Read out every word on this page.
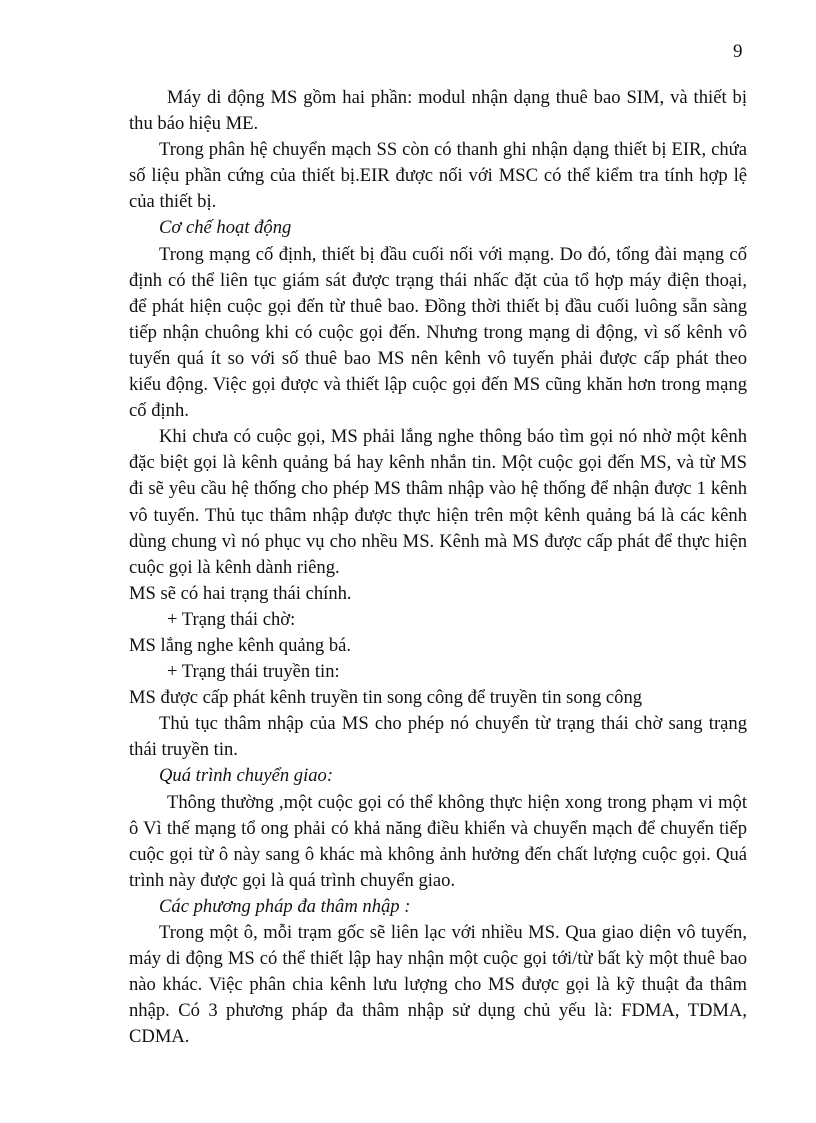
9

Máy di động MS gồm hai phần: modul nhận dạng thuê bao SIM, và thiết bị thu báo hiệu ME.

Trong phân hệ chuyển mạch SS còn có thanh ghi nhận dạng thiết bị EIR, chứa số liệu phần cứng của thiết bị.EIR được nối với MSC có thể kiểm tra tính hợp lệ của thiết bị.

Cơ chế hoạt động

Trong mạng cố định, thiết bị đầu cuối nối với mạng. Do đó, tổng đài mạng cố định có thể liên tục giám sát được trạng thái nhấc đặt của tổ hợp máy điện thoại, để phát hiện cuộc gọi đến từ thuê bao. Đồng thời thiết bị đầu cuối luông sẵn sàng tiếp nhận chuông khi có cuộc gọi đến. Nhưng trong mạng di động, vì số kênh vô tuyến quá ít so với số thuê bao MS nên kênh vô tuyến phải được cấp phát theo kiểu động. Việc gọi được và thiết lập cuộc gọi đến MS cũng khăn hơn trong mạng cố định.

Khi chưa có cuộc gọi, MS phải lắng nghe thông báo tìm gọi nó nhờ một kênh đặc biệt gọi là kênh quảng bá hay kênh nhắn tin. Một cuộc gọi đến MS, và từ MS đi sẽ yêu cầu hệ thống cho phép MS thâm nhập vào hệ thống để nhận được 1 kênh vô tuyến. Thủ tục thâm nhập được thực hiện trên một kênh quảng bá là các kênh dùng chung vì nó phục vụ cho nhều MS. Kênh mà MS được cấp phát để thực hiện cuộc gọi là kênh dành riêng.

MS sẽ có hai trạng thái chính.

+ Trạng thái chờ:

MS lắng nghe kênh quảng bá.

+ Trạng thái truyền tin:

MS được cấp phát kênh truyền tin song công để truyền tin song công

Thủ tục thâm nhập của MS cho phép nó chuyển từ trạng thái chờ sang trạng thái truyền tin.

Quá trình chuyển giao:

Thông thường ,một cuộc gọi có thể không thực hiện xong trong phạm vi một ô Vì thế mạng tổ ong phải có khả năng điều khiển và chuyển mạch để chuyển tiếp cuộc gọi từ ô này sang ô khác mà không ảnh hưởng đến chất lượng cuộc gọi. Quá trình này được gọi là quá trình chuyển giao.

Các phương pháp đa thâm nhập :

Trong một ô, mỗi trạm gốc sẽ liên lạc với nhiều MS. Qua giao diện vô tuyến, máy di động MS có thể thiết lập hay nhận một cuộc gọi tới/từ bất kỳ một thuê bao nào khác. Việc phân chia kênh lưu lượng cho MS được gọi là kỹ thuật đa thâm nhập. Có 3 phương pháp đa thâm nhập sử dụng chủ yếu là: FDMA, TDMA, CDMA.
